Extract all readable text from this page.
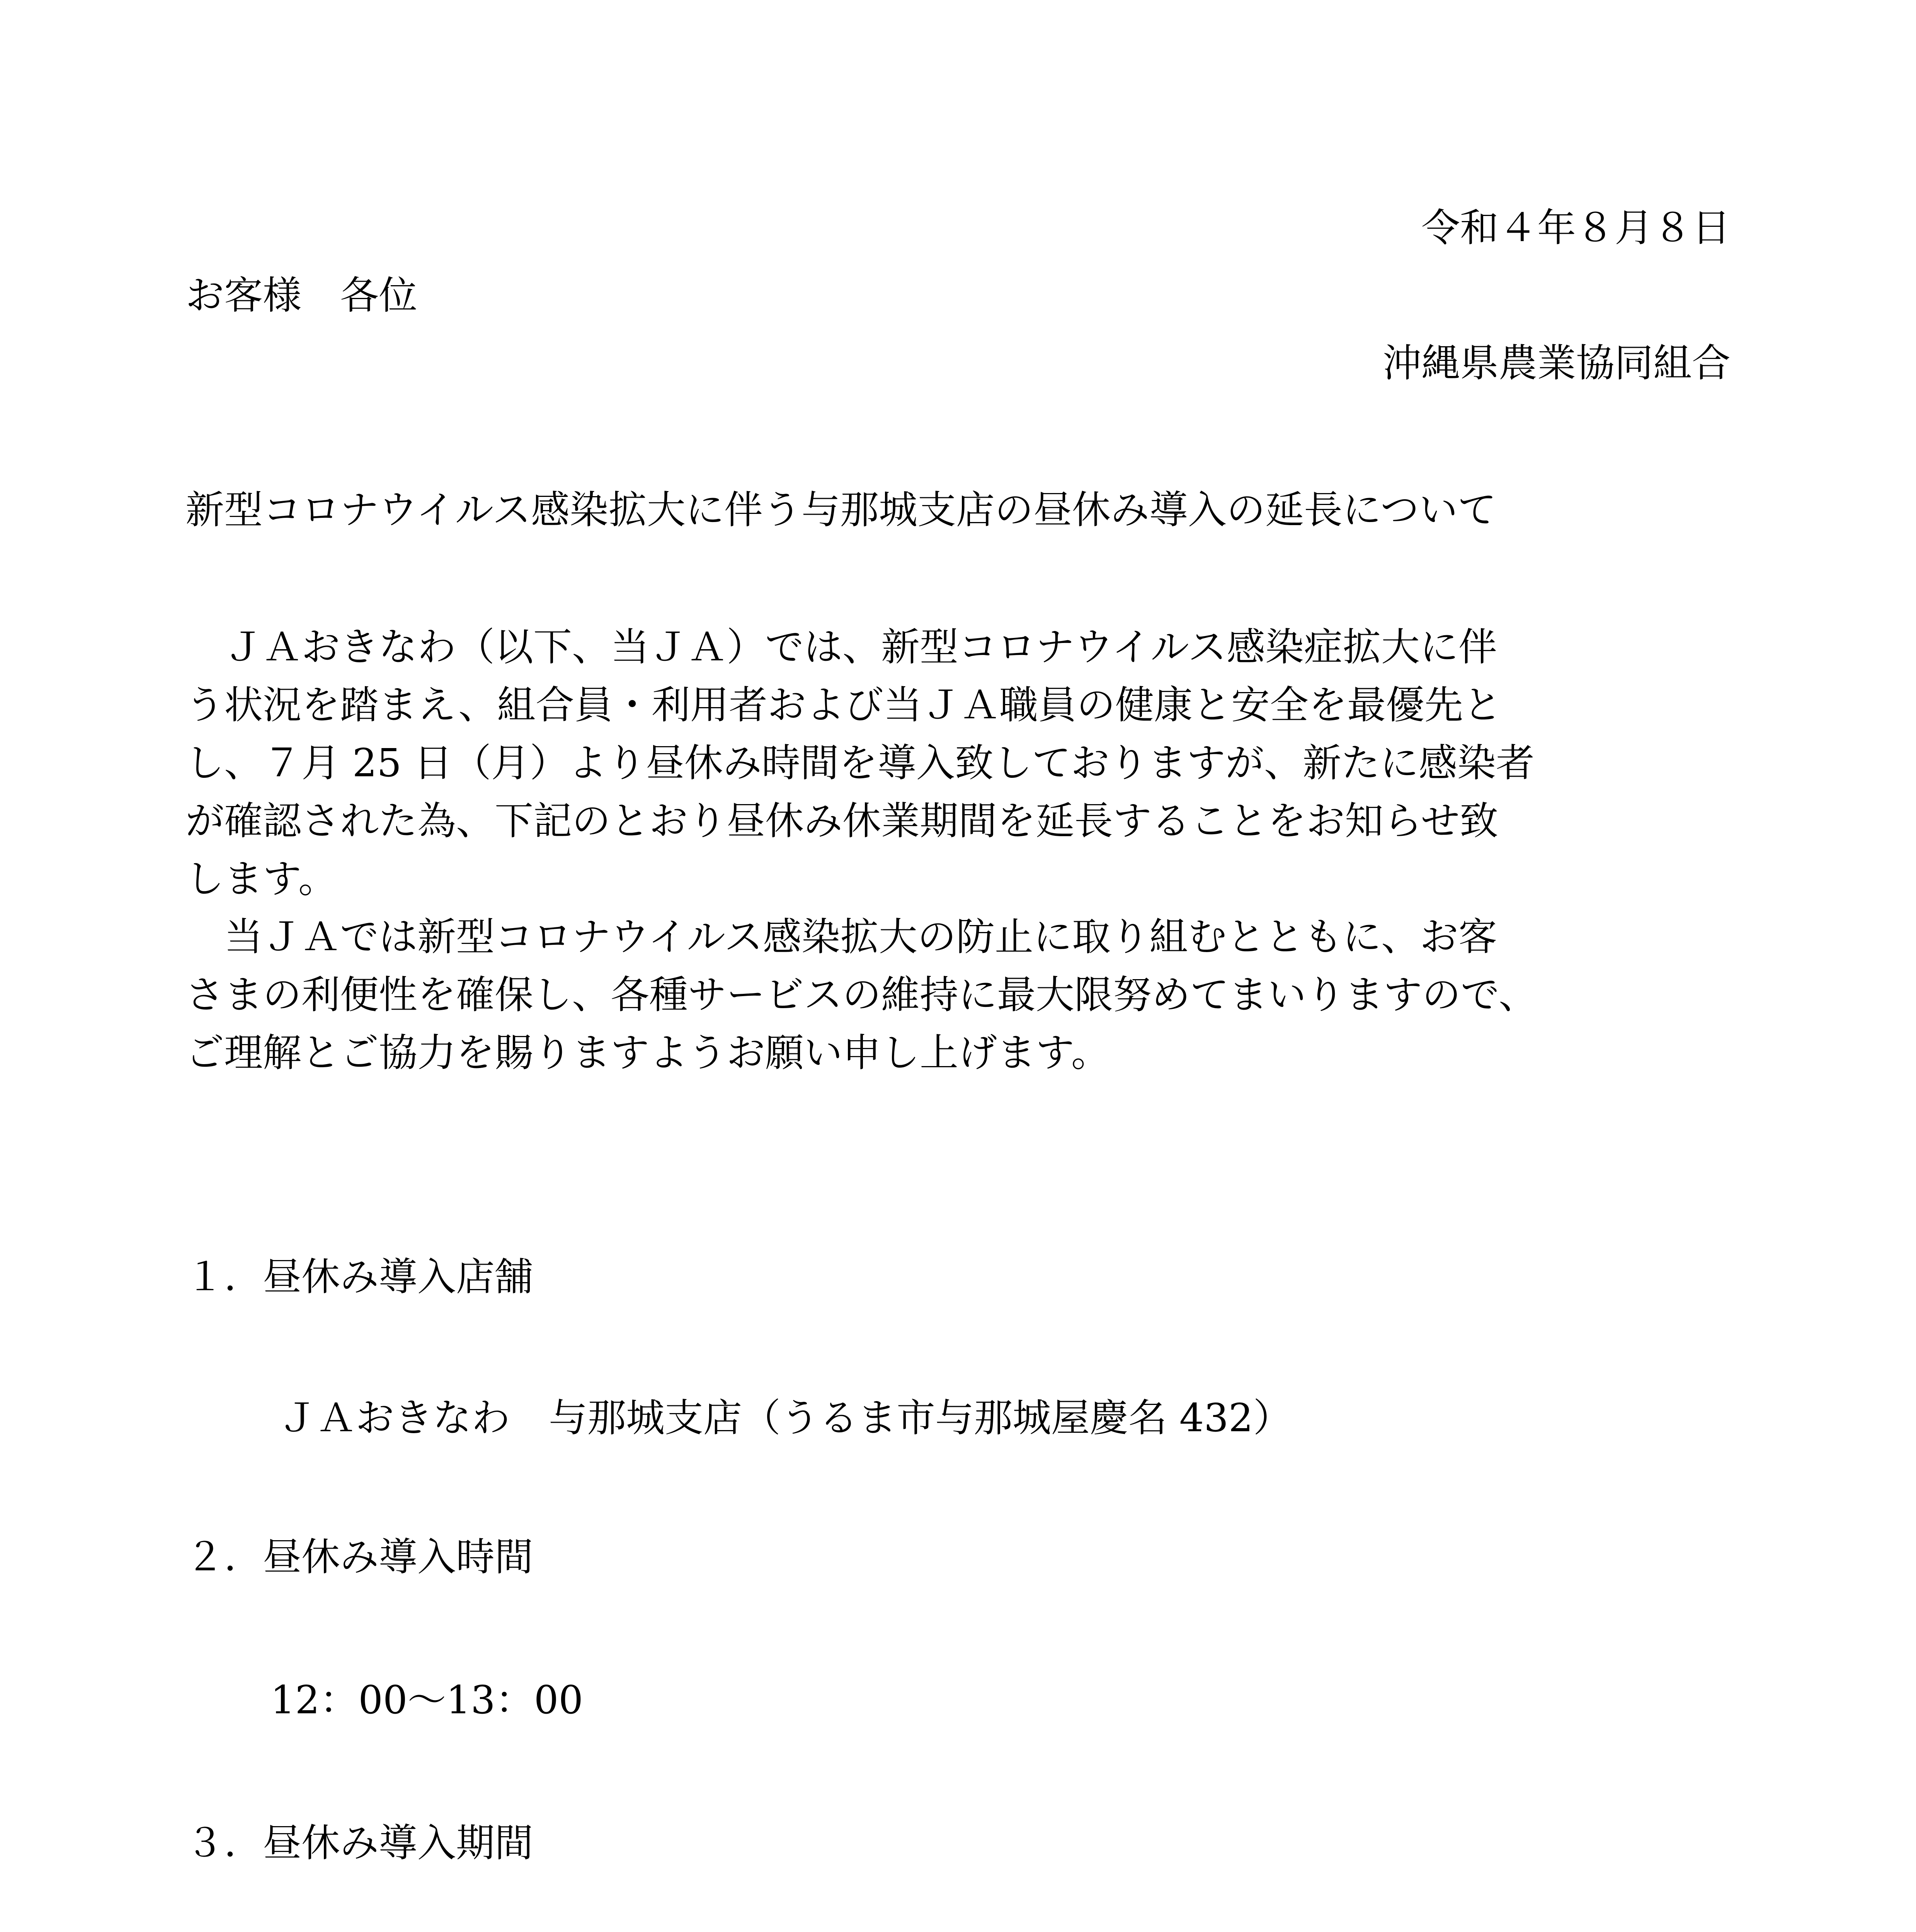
令和４年８月８日
お客様　各位
沖縄県農業協同組合
新型コロナウイルス感染拡大に伴う与那城支店の昼休み導入の延長について
　ＪＡおきなわ（以下、当ＪＡ）では、新型コロナウイルス感染症拡大に伴
う状況を踏まえ、組合員・利用者および当ＪＡ職員の健康と安全を最優先と
し、７月 25 日（月）より昼休み時間を導入致しておりますが、新たに感染者
が確認された為、下記のとおり昼休み休業期間を延長することをお知らせ致
します。
　当ＪＡでは新型コロナウイルス感染拡大の防止に取り組むとともに、お客
さまの利便性を確保し、各種サービスの維持に最大限努めてまいりますので、
ご理解とご協力を賜りますようお願い申し上げます。
１．昼休み導入店舗
ＪＡおきなわ　与那城支店（うるま市与那城屋慶名 432）
２．昼休み導入時間
12：00～13：00
３．昼休み導入期間
